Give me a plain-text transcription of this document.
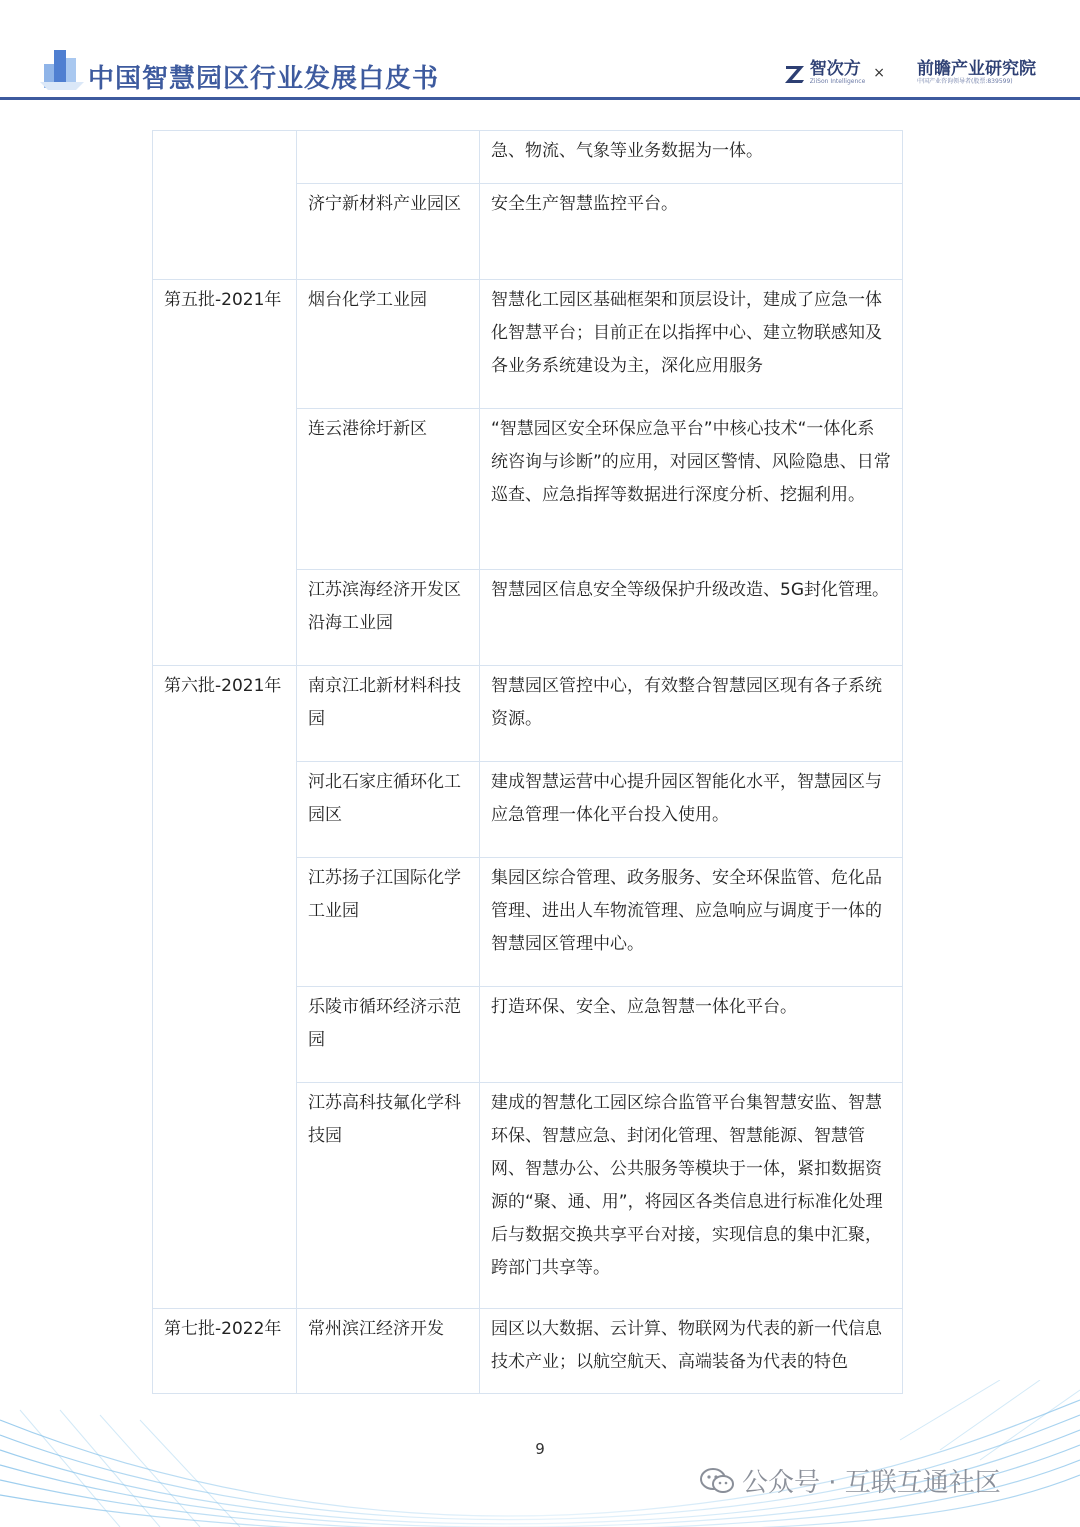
中国智慧园区行业发展白皮书	智次方
ZiiSon Intelligence
× 前瞻产业研究院
中国产业咨询领导者(股票:839599)
		急、物流、气象等业务数据为一体。
	济宁新材料产业园区	安全生产智慧监控平台。
第五批-2021年	烟台化学工业园	智慧化工园区基础框架和顶层设计，建成了应急一体化智慧平台；目前正在以指挥中心、建立物联感知及各业务系统建设为主，深化应用服务
	连云港徐圩新区	“智慧园区安全环保应急平台”中核心技术“一体化系统咨询与诊断”的应用，对园区警情、风险隐患、日常巡查、应急指挥等数据进行深度分析、挖掘利用。
	江苏滨海经济开发区沿海工业园	智慧园区信息安全等级保护升级改造、5G封化管理。
第六批-2021年	南京江北新材料科技园	智慧园区管控中心，有效整合智慧园区现有各子系统资源。
	河北石家庄循环化工园区	建成智慧运营中心提升园区智能化水平，智慧园区与应急管理一体化平台投入使用。
	江苏扬子江国际化学工业园	集园区综合管理、政务服务、安全环保监管、危化品管理、进出人车物流管理、应急响应与调度于一体的智慧园区管理中心。
	乐陵市循环经济示范园	打造环保、安全、应急智慧一体化平台。
	江苏高科技氟化学科技园	建成的智慧化工园区综合监管平台集智慧安监、智慧环保、智慧应急、封闭化管理、智慧能源、智慧管网、智慧办公、公共服务等模块于一体，紧扣数据资源的“聚、通、用”，将园区各类信息进行标准化处理后与数据交换共享平台对接，实现信息的集中汇聚，跨部门共享等。
第七批-2022年	常州滨江经济开发	园区以大数据、云计算、物联网为代表的新一代信息技术产业；以航空航天、高端装备为代表的特色
9
公众号 · 互联互通社区
